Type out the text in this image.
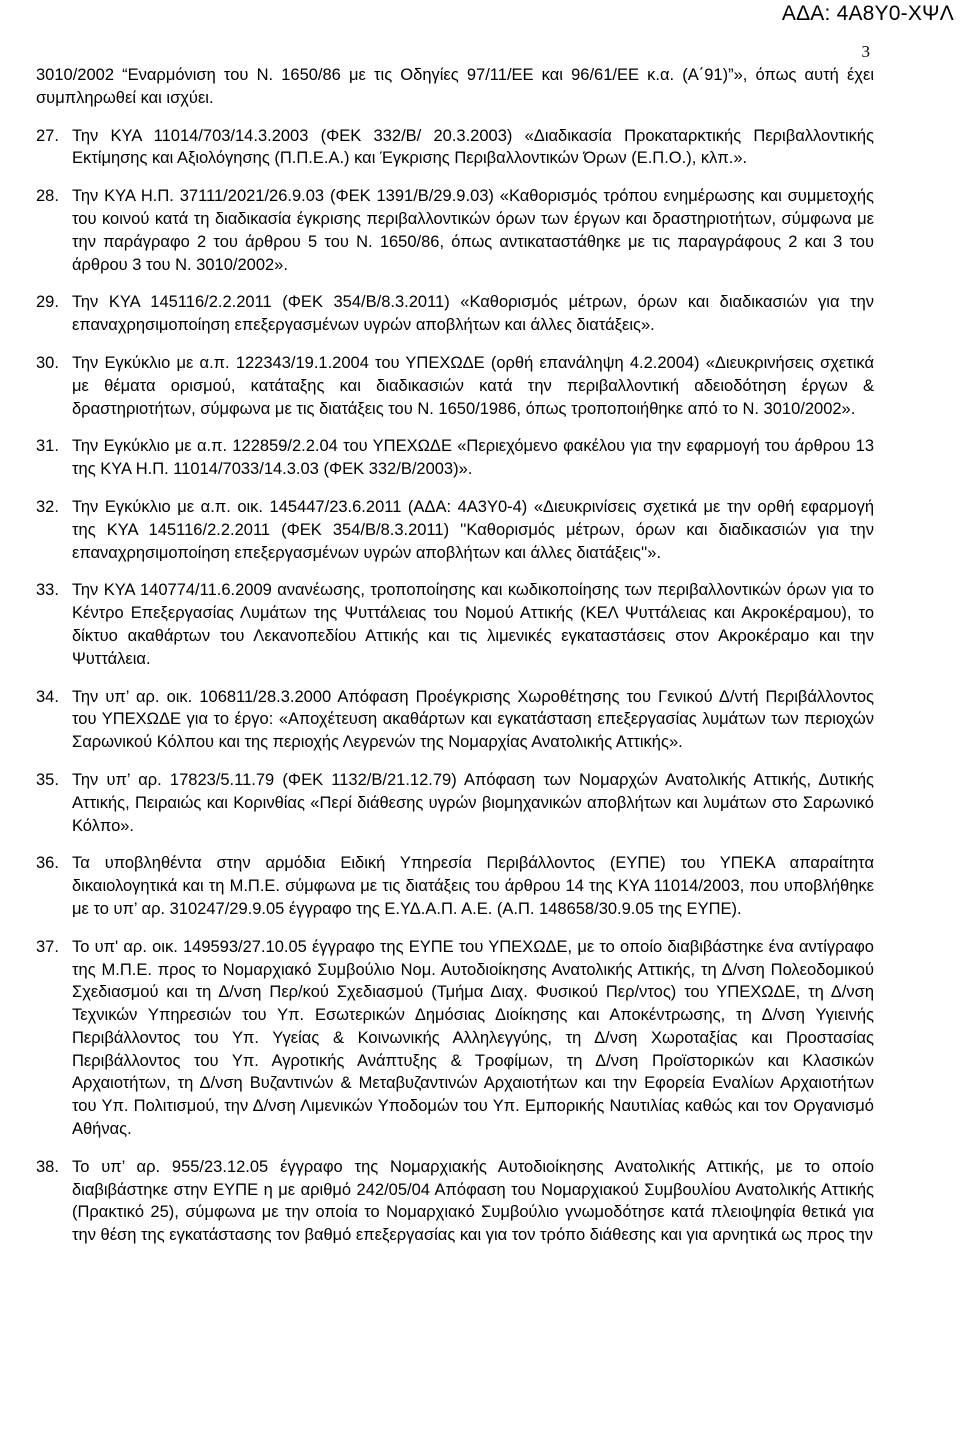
ΑΔΑ: 4Α8Υ0-ΧΨΛ
3

3010/2002 “Εναρμόνιση του Ν. 1650/86 με τις Οδηγίες 97/11/ΕΕ και 96/61/ΕΕ κ.α. (Α΄91)”», όπως αυτή έχει συμπληρωθεί και ισχύει.

27. Την ΚΥΑ 11014/703/14.3.2003 (ΦΕΚ 332/Β/ 20.3.2003) «Διαδικασία Προκαταρκτικής Περιβαλλοντικής Εκτίμησης και Αξιολόγησης (Π.Π.Ε.Α.) και Έγκρισης Περιβαλλοντικών Όρων (Ε.Π.Ο.), κλπ.».
28. Την ΚΥΑ Η.Π. 37111/2021/26.9.03 (ΦΕΚ 1391/Β/29.9.03) «Καθορισμός τρόπου ενημέρωσης και συμμετοχής του κοινού κατά τη διαδικασία έγκρισης περιβαλλοντικών όρων των έργων και δραστηριοτήτων, σύμφωνα με την παράγραφο 2 του άρθρου 5 του Ν. 1650/86, όπως αντικαταστάθηκε με τις παραγράφους 2 και 3 του άρθρου 3 του Ν. 3010/2002».
29. Την ΚΥΑ 145116/2.2.2011 (ΦΕΚ 354/Β/8.3.2011) «Καθορισμός μέτρων, όρων και διαδικασιών για την επαναχρησιμοποίηση επεξεργασμένων υγρών αποβλήτων και άλλες διατάξεις».
30. Την Εγκύκλιο με α.π. 122343/19.1.2004 του ΥΠΕΧΩΔΕ (ορθή επανάληψη 4.2.2004) «Διευκρινήσεις σχετικά με θέματα ορισμού, κατάταξης και διαδικασιών κατά την περιβαλλοντική αδειοδότηση έργων & δραστηριοτήτων, σύμφωνα με τις διατάξεις του Ν. 1650/1986, όπως τροποποιήθηκε από το Ν. 3010/2002».
31. Την Εγκύκλιο με α.π. 122859/2.2.04 του ΥΠΕΧΩΔΕ «Περιεχόμενο φακέλου για την εφαρμογή του άρθρου 13 της ΚΥΑ Η.Π. 11014/7033/14.3.03 (ΦΕΚ 332/Β/2003)».
32. Την Εγκύκλιο με α.π. οικ. 145447/23.6.2011 (ΑΔΑ: 4Α3Υ0-4) «Διευκρινίσεις σχετικά με την ορθή εφαρμογή της ΚΥΑ 145116/2.2.2011 (ΦΕΚ 354/Β/8.3.2011) ''Καθορισμός μέτρων, όρων και διαδικασιών για την επαναχρησιμοποίηση επεξεργασμένων υγρών αποβλήτων και άλλες διατάξεις''».
33. Την ΚΥΑ 140774/11.6.2009 ανανέωσης, τροποποίησης και κωδικοποίησης των περιβαλλοντικών όρων για το Κέντρο Επεξεργασίας Λυμάτων της Ψυττάλειας του Νομού Αττικής (ΚΕΛ Ψυττάλειας και Ακροκέραμου), το δίκτυο ακαθάρτων του Λεκανοπεδίου Αττικής και τις λιμενικές εγκαταστάσεις στον Ακροκέραμο και την Ψυττάλεια.
34. Την υπ’ αρ. οικ. 106811/28.3.2000 Απόφαση Προέγκρισης Χωροθέτησης του Γενικού Δ/ντή Περιβάλλοντος του ΥΠΕΧΩΔΕ για το έργο: «Αποχέτευση ακαθάρτων και εγκατάσταση επεξεργασίας λυμάτων των περιοχών Σαρωνικού Κόλπου και της περιοχής Λεγρενών της Νομαρχίας Ανατολικής Αττικής».
35. Την υπ’ αρ. 17823/5.11.79 (ΦΕΚ 1132/Β/21.12.79) Απόφαση των Νομαρχών Ανατολικής Αττικής, Δυτικής Αττικής, Πειραιώς και Κορινθίας «Περί διάθεσης υγρών βιομηχανικών αποβλήτων και λυμάτων στο Σαρωνικό Κόλπο».
36. Τα υποβληθέντα στην αρμόδια Ειδική Υπηρεσία Περιβάλλοντος (ΕΥΠΕ) του ΥΠΕΚΑ απαραίτητα δικαιολογητικά και τη Μ.Π.Ε. σύμφωνα με τις διατάξεις του άρθρου 14 της ΚΥΑ 11014/2003, που υποβλήθηκε με το υπ’ αρ. 310247/29.9.05 έγγραφο της Ε.ΥΔ.Α.Π. Α.Ε. (Α.Π. 148658/30.9.05 της ΕΥΠΕ).
37. Το υπ' αρ. οικ. 149593/27.10.05 έγγραφο της ΕΥΠΕ του ΥΠΕΧΩΔΕ, με το οποίο διαβιβάστηκε ένα αντίγραφο της Μ.Π.Ε. προς το Νομαρχιακό Συμβούλιο Νομ. Αυτοδιοίκησης Ανατολικής Αττικής, τη Δ/νση Πολεοδομικού Σχεδιασμού και τη Δ/νση Περ/κού Σχεδιασμού (Τμήμα Διαχ. Φυσικού Περ/ντος) του ΥΠΕΧΩΔΕ, τη Δ/νση Τεχνικών Υπηρεσιών του Υπ. Εσωτερικών Δημόσιας Διοίκησης και Αποκέντρωσης, τη Δ/νση Υγιεινής Περιβάλλοντος του Υπ. Υγείας & Κοινωνικής Αλληλεγγύης, τη Δ/νση Χωροταξίας και Προστασίας Περιβάλλοντος του Υπ. Αγροτικής Ανάπτυξης & Τροφίμων, τη Δ/νση Προϊστορικών και Κλασικών Αρχαιοτήτων, τη Δ/νση Βυζαντινών & Μεταβυζαντινών Αρχαιοτήτων και την Εφορεία Εναλίων Αρχαιοτήτων του Υπ. Πολιτισμού, την Δ/νση Λιμενικών Υποδομών του Υπ. Εμπορικής Ναυτιλίας καθώς και τον Οργανισμό Αθήνας.
38. Το υπ’ αρ. 955/23.12.05 έγγραφο της Νομαρχιακής Αυτοδιοίκησης Ανατολικής Αττικής, με το οποίο διαβιβάστηκε στην ΕΥΠΕ η με αριθμό 242/05/04 Απόφαση του Νομαρχιακού Συμβουλίου Ανατολικής Αττικής (Πρακτικό 25), σύμφωνα με την οποία το Νομαρχιακό Συμβούλιο γνωμοδότησε κατά πλειοψηφία θετικά για την θέση της εγκατάστασης τον βαθμό επεξεργασίας και για τον τρόπο διάθεσης και για αρνητικά ως προς την
